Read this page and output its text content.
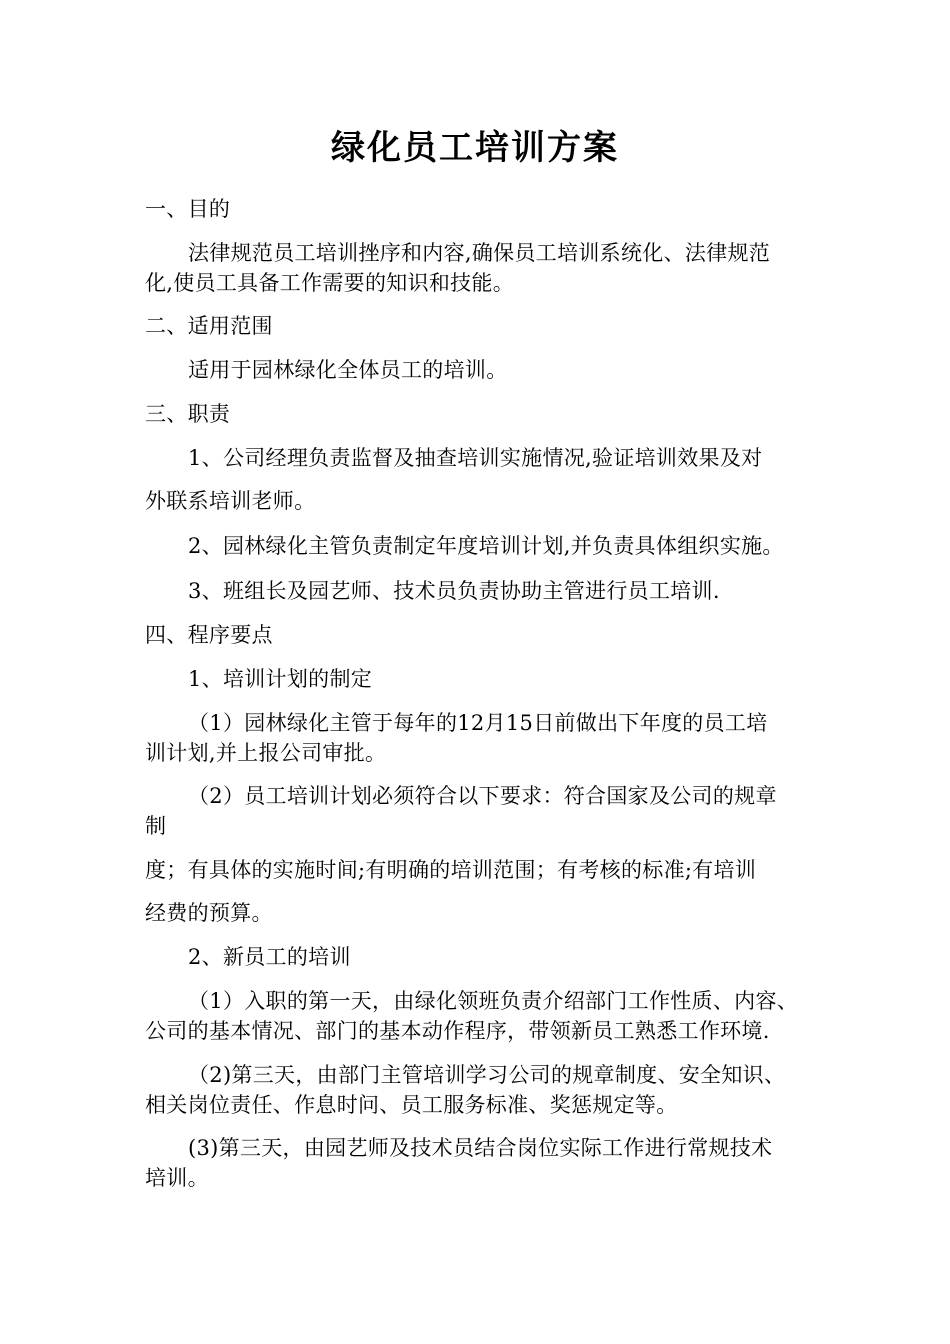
绿化员工培训方案
一、目的
法律规范员工培训挫序和内容,确保员工培训系统化、法律规范
化,使员工具备工作需要的知识和技能。
二、适用范围
适用于园林绿化全体员工的培训。
三、职责
1、公司经理负责监督及抽查培训实施情况,验证培训效果及对
外联系培训老师。
2、园林绿化主管负责制定年度培训计划,并负责具体组织实施。
3、班组长及园艺师、技术员负责协助主管进行员工培训.
四、程序要点
1、培训计划的制定
（1）园林绿化主管于每年的12月15日前做出下年度的员工培
训计划,并上报公司审批。
（2）员工培训计划必须符合以下要求：符合国家及公司的规章
制
度；有具体的实施时间;有明确的培训范围；有考核的标准;有培训
经费的预算。
2、新员工的培训
（1）入职的第一天，由绿化领班负责介绍部门工作性质、内容、
公司的基本情况、部门的基本动作程序，带领新员工熟悉工作环境.
（2)第三天，由部门主管培训学习公司的规章制度、安全知识、
相关岗位责任、作息时问、员工服务标准、奖惩规定等。
(3)第三天，由园艺师及技术员结合岗位实际工作进行常规技术
培训。
